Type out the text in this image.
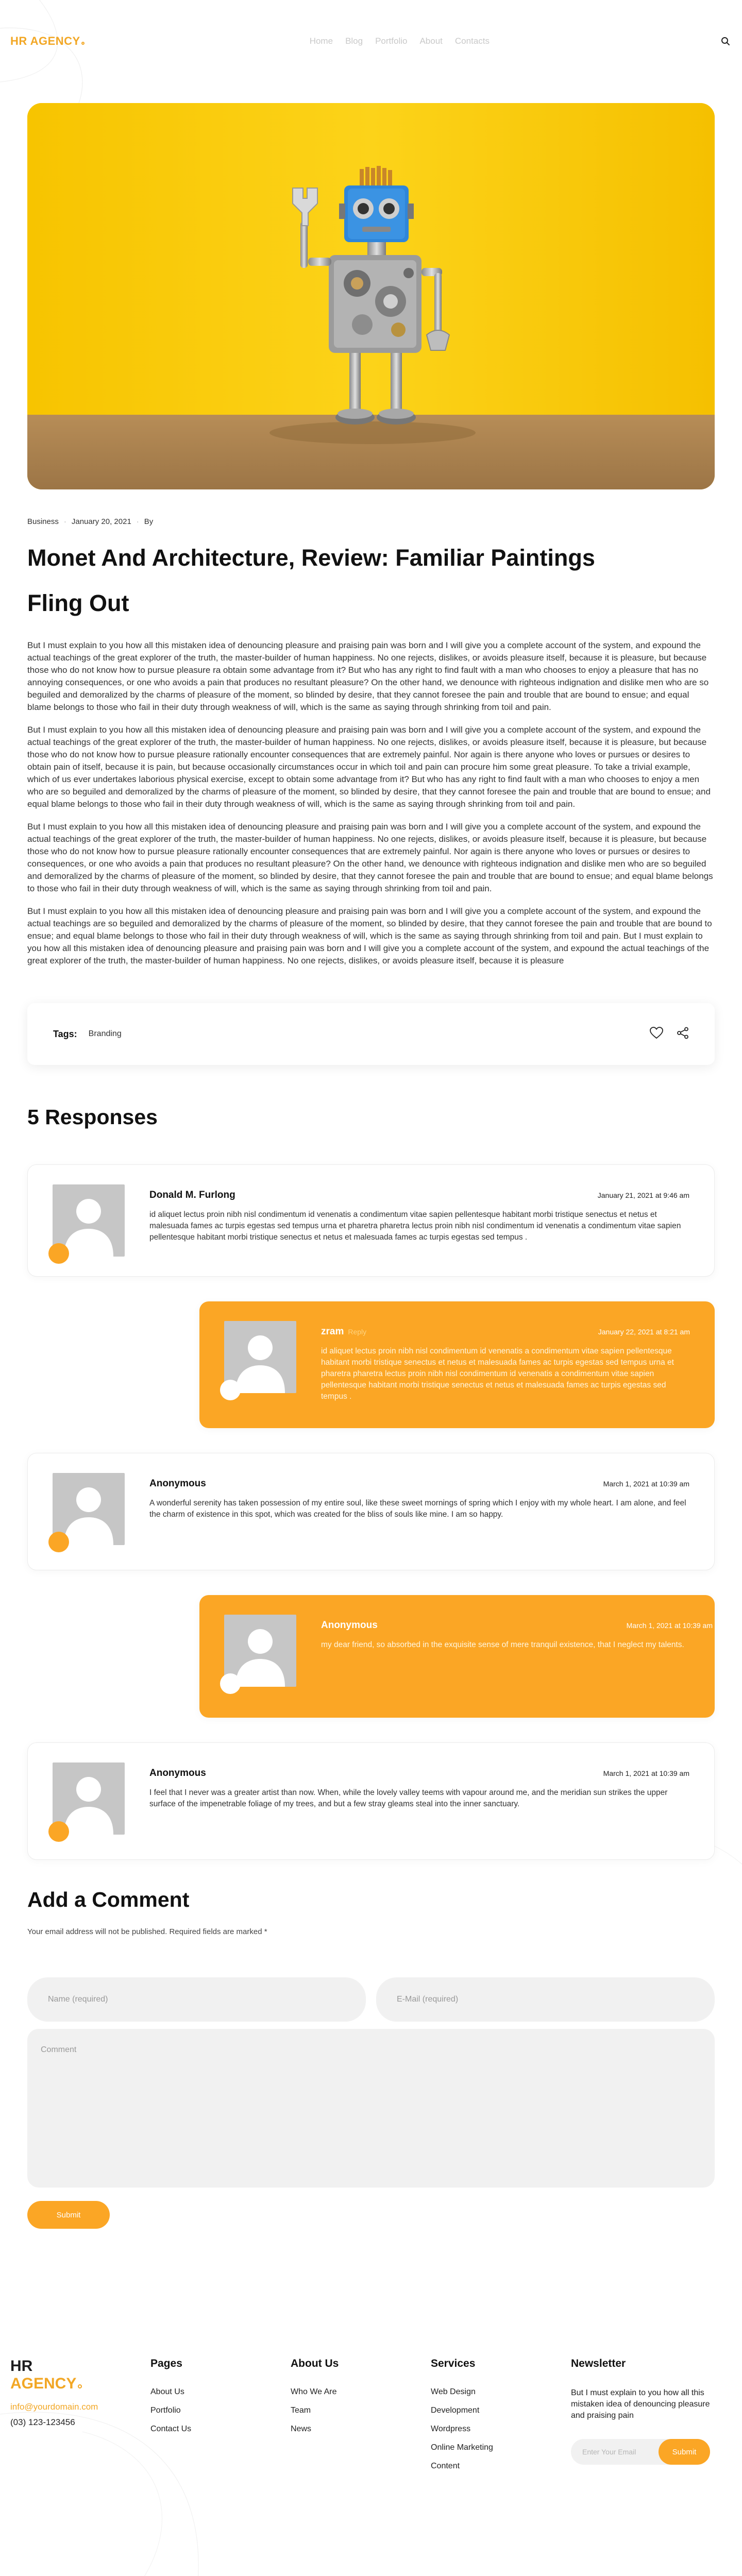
HR AGENCY	Home Blog Portfolio About Contacts
Business · January 20, 2021 · By
Monet And Architecture, Review: Familiar Paintings Fling Out

But I must explain to you how all this mistaken idea of denouncing pleasure and praising pain was born and I will give you a complete account of the system, and expound the actual teachings of the great explorer of the truth, the master-builder of human happiness. No one rejects, dislikes, or avoids pleasure itself, because it is pleasure, but because those who do not know how to pursue pleasure ra obtain some advantage from it? But who has any right to find fault with a man who chooses to enjoy a pleasure that has no annoying consequences, or one who avoids a pain that produces no resultant pleasure? On the other hand, we denounce with righteous indignation and dislike men who are so beguiled and demoralized by the charms of pleasure of the moment, so blinded by desire, that they cannot foresee the pain and trouble that are bound to ensue; and equal blame belongs to those who fail in their duty through weakness of will, which is the same as saying through shrinking from toil and pain.

But I must explain to you how all this mistaken idea of denouncing pleasure and praising pain was born and I will give you a complete account of the system, and expound the actual teachings of the great explorer of the truth, the master-builder of human happiness. No one rejects, dislikes, or avoids pleasure itself, because it is pleasure, but because those who do not know how to pursue pleasure rationally encounter consequences that are extremely painful. Nor again is there anyone who loves or pursues or desires to obtain pain of itself, because it is pain, but because occasionally circumstances occur in which toil and pain can procure him some great pleasure. To take a trivial example, which of us ever undertakes laborious physical exercise, except to obtain some advantage from it? But who has any right to find fault with a man who chooses to enjoy a men who are so beguiled and demoralized by the charms of pleasure of the moment, so blinded by desire, that they cannot foresee the pain and trouble that are bound to ensue; and equal blame belongs to those who fail in their duty through weakness of will, which is the same as saying through shrinking from toil and pain.

But I must explain to you how all this mistaken idea of denouncing pleasure and praising pain was born and I will give you a complete account of the system, and expound the actual teachings of the great explorer of the truth, the master-builder of human happiness. No one rejects, dislikes, or avoids pleasure itself, because it is pleasure, but because those who do not know how to pursue pleasure rationally encounter consequences that are extremely painful. Nor again is there anyone who loves or pursues or desires to consequences, or one who avoids a pain that produces no resultant pleasure? On the other hand, we denounce with righteous indignation and dislike men who are so beguiled and demoralized by the charms of pleasure of the moment, so blinded by desire, that they cannot foresee the pain and trouble that are bound to ensue; and equal blame belongs to those who fail in their duty through weakness of will, which is the same as saying through shrinking from toil and pain.

But I must explain to you how all this mistaken idea of denouncing pleasure and praising pain was born and I will give you a complete account of the system, and expound the actual teachings are so beguiled and demoralized by the charms of pleasure of the moment, so blinded by desire, that they cannot foresee the pain and trouble that are bound to ensue; and equal blame belongs to those who fail in their duty through weakness of will, which is the same as saying through shrinking from toil and pain. But I must explain to you how all this mistaken idea of denouncing pleasure and praising pain was born and I will give you a complete account of the system, and expound the actual teachings of the great explorer of the truth, the master-builder of human happiness. No one rejects, dislikes, or avoids pleasure itself, because it is pleasure

Tags: Branding
5 Responses
Donald M. Furlong	January 21, 2021 at 9:46 am

id aliquet lectus proin nibh nisl condimentum id venenatis a condimentum vitae sapien pellentesque habitant morbi tristique senectus et netus et malesuada fames ac turpis egestas sed tempus urna et pharetra pharetra lectus proin nibh nisl condimentum id venenatis a condimentum vitae sapien pellentesque habitant morbi tristique senectus et netus et malesuada fames ac turpis egestas sed tempus .

zram Reply	January 22, 2021 at 8:21 am

id aliquet lectus proin nibh nisl condimentum id venenatis a condimentum vitae sapien pellentesque habitant morbi tristique senectus et netus et malesuada fames ac turpis egestas sed tempus urna et pharetra pharetra lectus proin nibh nisl condimentum id venenatis a condimentum vitae sapien pellentesque habitant morbi tristique senectus et netus et malesuada fames ac turpis egestas sed tempus .

Anonymous	March 1, 2021 at 10:39 am

A wonderful serenity has taken possession of my entire soul, like these sweet mornings of spring which I enjoy with my whole heart. I am alone, and feel the charm of existence in this spot, which was created for the bliss of souls like mine. I am so happy.

Anonymous	March 1, 2021 at 10:39 am

my dear friend, so absorbed in the exquisite sense of mere tranquil existence, that I neglect my talents.

Anonymous	March 1, 2021 at 10:39 am

I feel that I never was a greater artist than now. When, while the lovely valley teems with vapour around me, and the meridian sun strikes the upper surface of the impenetrable foliage of my trees, and but a few stray gleams steal into the inner sanctuary.

Add a Comment

Your email address will not be published. Required fields are marked *

Name (required)	E-Mail (required)
Comment
Submit
HR
AGENCY
info@yourdomain.com
(03) 123-123456
Pages
About Us
Portfolio
Contact Us
About Us
Who We Are
Team
News
Services
Web Design
Development
Wordpress
Online Marketing
Content
Newsletter

But I must explain to you how all this mistaken idea of denouncing pleasure and praising pain

Enter Your Email	Submit
